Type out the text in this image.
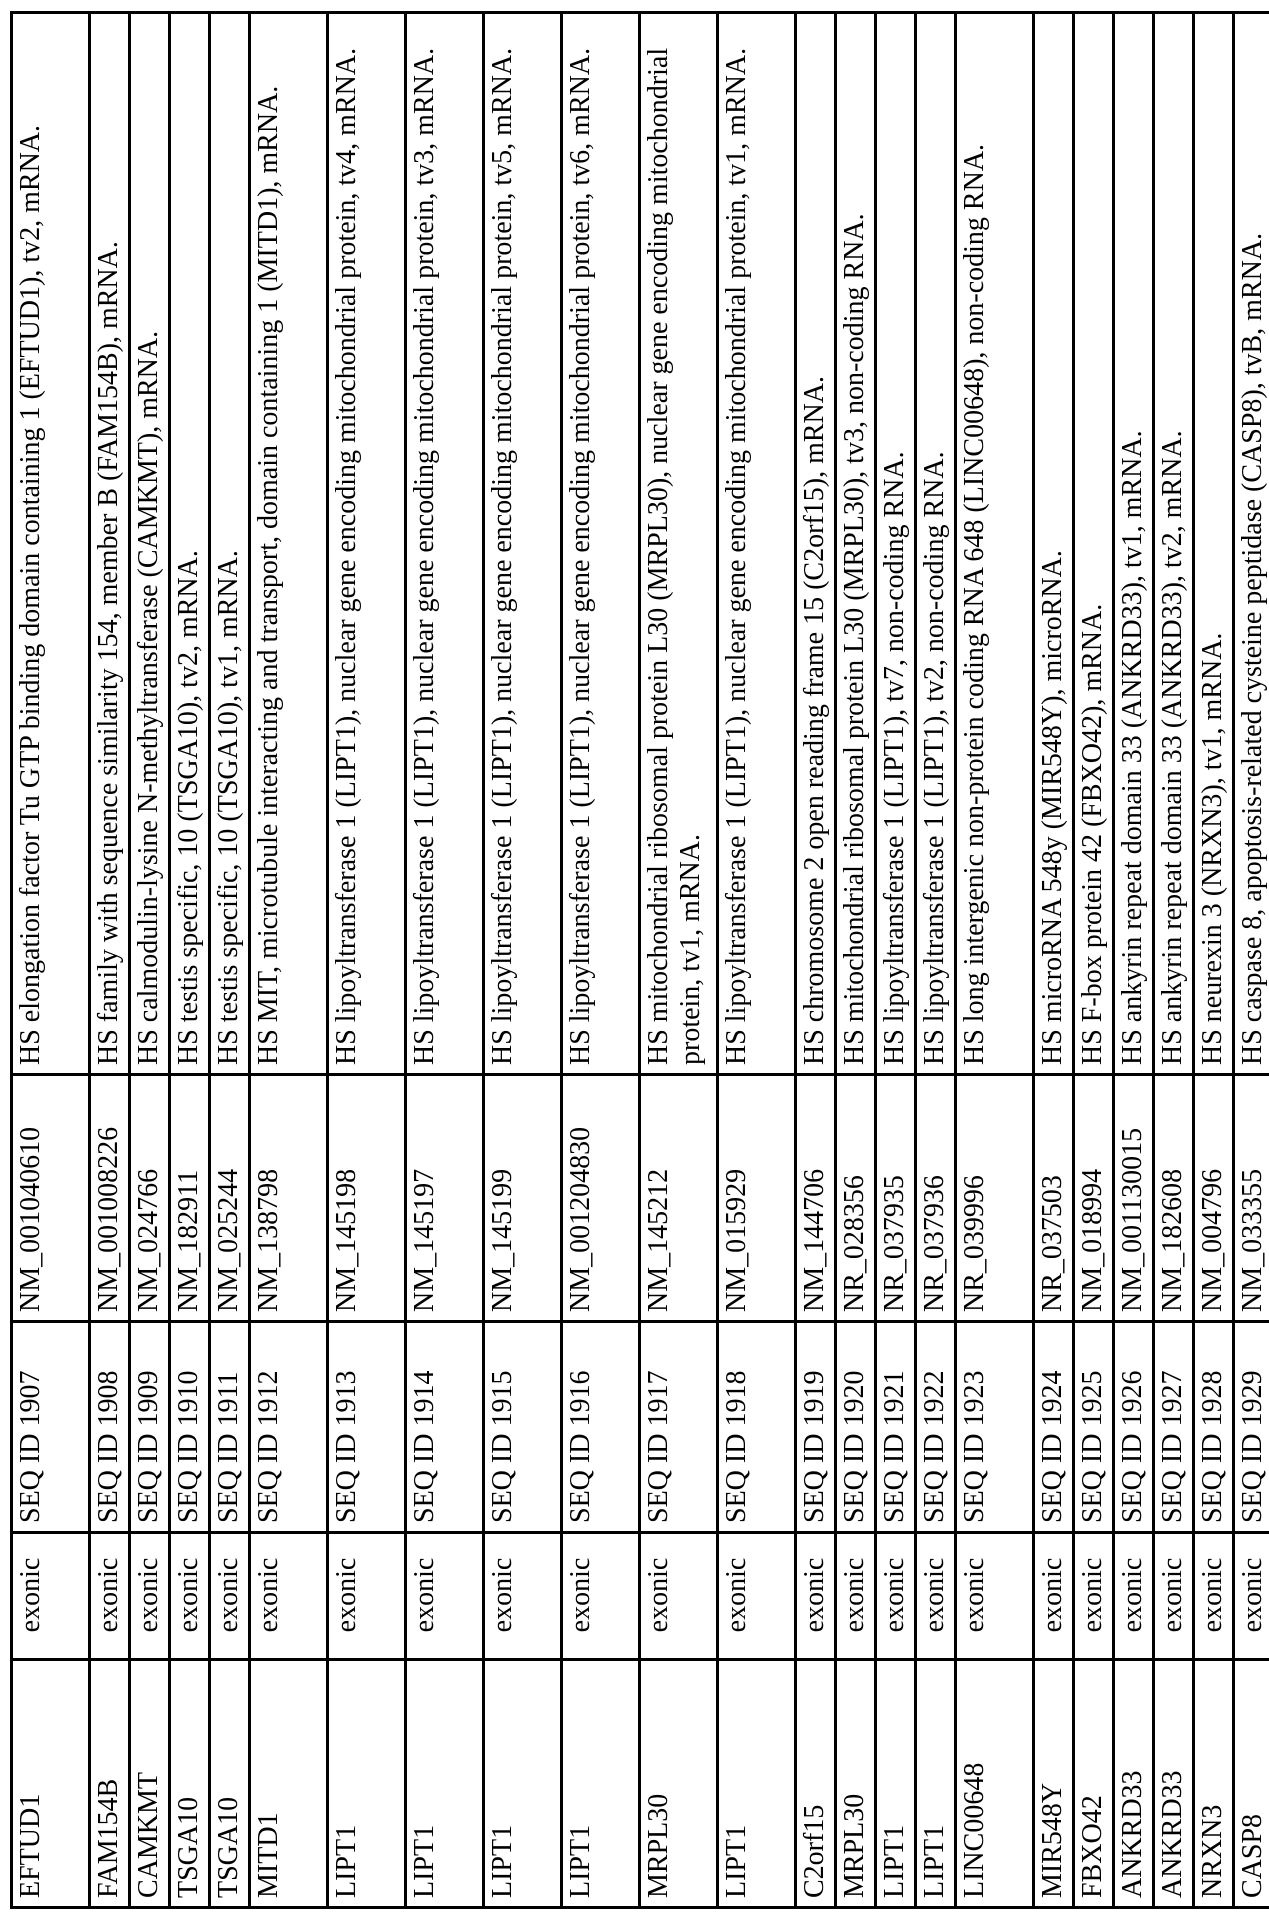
EFTUD1	exonic	SEQ ID 1907	NM_001040610	HS elongation factor Tu GTP binding domain containing 1 (EFTUD1), tv2, mRNA.
FAM154B	exonic	SEQ ID 1908	NM_001008226	HS family with sequence similarity 154, member B (FAM154B), mRNA.
CAMKMT	exonic	SEQ ID 1909	NM_024766	HS calmodulin-lysine N-methyltransferase (CAMKMT), mRNA.
TSGA10	exonic	SEQ ID 1910	NM_182911	HS testis specific, 10 (TSGA10), tv2, mRNA.
TSGA10	exonic	SEQ ID 1911	NM_025244	HS testis specific, 10 (TSGA10), tv1, mRNA.
MITD1	exonic	SEQ ID 1912	NM_138798	HS MIT, microtubule interacting and transport, domain containing 1 (MITD1), mRNA.
LIPT1	exonic	SEQ ID 1913	NM_145198	HS lipoyltransferase 1 (LIPT1), nuclear gene encoding mitochondrial protein, tv4, mRNA.
LIPT1	exonic	SEQ ID 1914	NM_145197	HS lipoyltransferase 1 (LIPT1), nuclear gene encoding mitochondrial protein, tv3, mRNA.
LIPT1	exonic	SEQ ID 1915	NM_145199	HS lipoyltransferase 1 (LIPT1), nuclear gene encoding mitochondrial protein, tv5, mRNA.
LIPT1	exonic	SEQ ID 1916	NM_001204830	HS lipoyltransferase 1 (LIPT1), nuclear gene encoding mitochondrial protein, tv6, mRNA.
MRPL30	exonic	SEQ ID 1917	NM_145212	HS mitochondrial ribosomal protein L30 (MRPL30), nuclear gene encoding mitochondrial protein, tv1, mRNA.
LIPT1	exonic	SEQ ID 1918	NM_015929	HS lipoyltransferase 1 (LIPT1), nuclear gene encoding mitochondrial protein, tv1, mRNA.
C2orf15	exonic	SEQ ID 1919	NM_144706	HS chromosome 2 open reading frame 15 (C2orf15), mRNA.
MRPL30	exonic	SEQ ID 1920	NR_028356	HS mitochondrial ribosomal protein L30 (MRPL30), tv3, non-coding RNA.
LIPT1	exonic	SEQ ID 1921	NR_037935	HS lipoyltransferase 1 (LIPT1), tv7, non-coding RNA.
LIPT1	exonic	SEQ ID 1922	NR_037936	HS lipoyltransferase 1 (LIPT1), tv2, non-coding RNA.
LINC00648	exonic	SEQ ID 1923	NR_039996	HS long intergenic non-protein coding RNA 648 (LINC00648), non-coding RNA.
MIR548Y	exonic	SEQ ID 1924	NR_037503	HS microRNA 548y (MIR548Y), microRNA.
FBXO42	exonic	SEQ ID 1925	NM_018994	HS F-box protein 42 (FBXO42), mRNA.
ANKRD33	exonic	SEQ ID 1926	NM_001130015	HS ankyrin repeat domain 33 (ANKRD33), tv1, mRNA.
ANKRD33	exonic	SEQ ID 1927	NM_182608	HS ankyrin repeat domain 33 (ANKRD33), tv2, mRNA.
NRXN3	exonic	SEQ ID 1928	NM_004796	HS neurexin 3 (NRXN3), tv1, mRNA.
CASP8	exonic	SEQ ID 1929	NM_033355	HS caspase 8, apoptosis-related cysteine peptidase (CASP8), tvB, mRNA.
